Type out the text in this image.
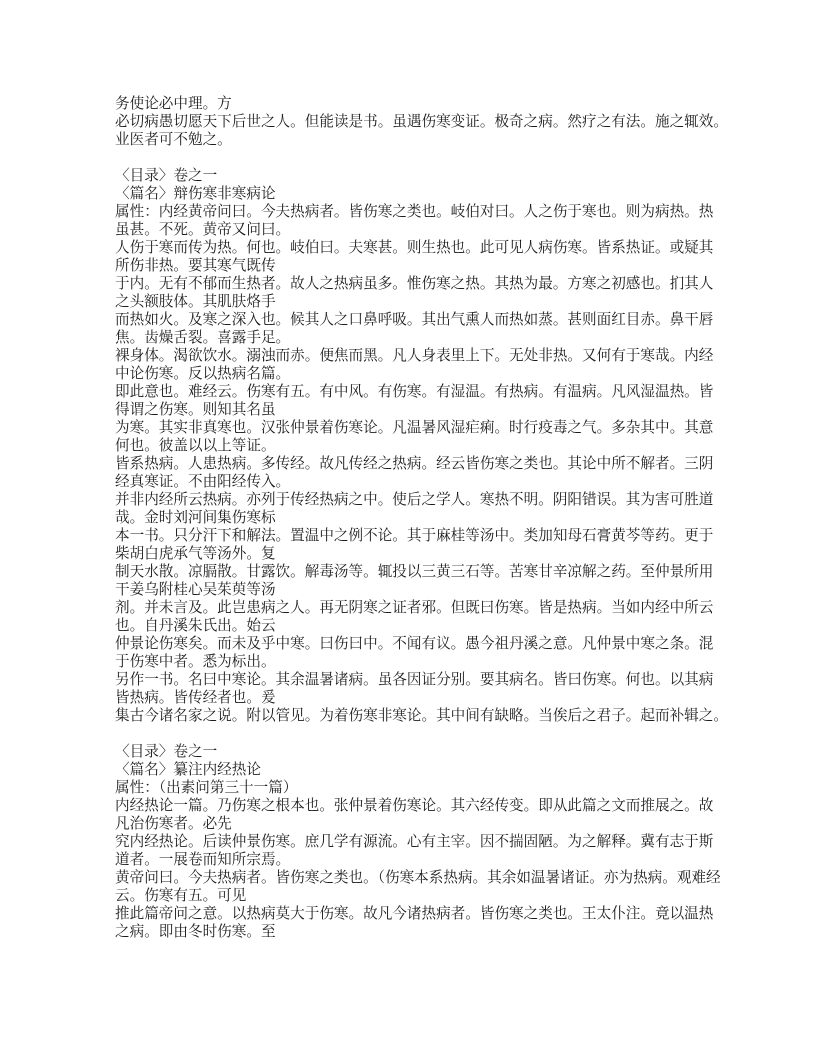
务使论必中理。方
必切病愚切愿天下后世之人。但能读是书。虽遇伤寒变证。极奇之病。然疗之有法。施之辄效。
业医者可不勉之。

〈目录〉卷之一
〈篇名〉辩伤寒非寒病论
属性：内经黄帝问曰。今夫热病者。皆伤寒之类也。岐伯对曰。人之伤于寒也。则为病热。热
虽甚。不死。黄帝又问曰。
人伤于寒而传为热。何也。岐伯曰。夫寒甚。则生热也。此可见人病伤寒。皆系热证。或疑其
所伤非热。要其寒气既传
于内。无有不郁而生热者。故人之热病虽多。惟伤寒之热。其热为最。方寒之初感也。扪其人
之头额肢体。其肌肤烙手
而热如火。及寒之深入也。候其人之口鼻呼吸。其出气熏人而热如蒸。甚则面红目赤。鼻干唇
焦。齿燥舌裂。喜露手足。
裸身体。渴欲饮水。溺浊而赤。便焦而黑。凡人身表里上下。无处非热。又何有于寒哉。内经
中论伤寒。反以热病名篇。
即此意也。难经云。伤寒有五。有中风。有伤寒。有湿温。有热病。有温病。凡风湿温热。皆
得谓之伤寒。则知其名虽
为寒。其实非真寒也。汉张仲景着伤寒论。凡温暑风湿疟痢。时行疫毒之气。多杂其中。其意
何也。彼盖以以上等证。
皆系热病。人患热病。多传经。故凡传经之热病。经云皆伤寒之类也。其论中所不解者。三阴
经真寒证。不由阳经传入。
并非内经所云热病。亦列于传经热病之中。使后之学人。寒热不明。阴阳错误。其为害可胜道
哉。金时刘河间集伤寒标
本一书。只分汗下和解法。置温中之例不论。其于麻桂等汤中。类加知母石膏黄芩等药。更于
柴胡白虎承气等汤外。复
制天水散。凉膈散。甘露饮。解毒汤等。辄投以三黄三石等。苦寒甘辛凉解之药。至仲景所用
干姜乌附桂心吴茱萸等汤
剂。并未言及。此岂患病之人。再无阴寒之证者邪。但既曰伤寒。皆是热病。当如内经中所云
也。自丹溪朱氏出。始云
仲景论伤寒矣。而未及乎中寒。曰伤曰中。不闻有议。愚今祖丹溪之意。凡仲景中寒之条。混
于伤寒中者。悉为标出。
另作一书。名曰中寒论。其余温暑诸病。虽各因证分别。要其病名。皆曰伤寒。何也。以其病
皆热病。皆传经者也。爰
集古今诸名家之说。附以管见。为着伤寒非寒论。其中间有缺略。当俟后之君子。起而补辑之。

〈目录〉卷之一
〈篇名〉纂注内经热论
属性：（出素问第三十一篇）
内经热论一篇。乃伤寒之根本也。张仲景着伤寒论。其六经传变。即从此篇之文而推展之。故
凡治伤寒者。必先
究内经热论。后读仲景伤寒。庶几学有源流。心有主宰。因不揣固陋。为之解释。冀有志于斯
道者。一展卷而知所宗焉。
黄帝问曰。今夫热病者。皆伤寒之类也。（伤寒本系热病。其余如温暑诸证。亦为热病。观难经
云。伤寒有五。可见
推此篇帝问之意。以热病莫大于伤寒。故凡今诸热病者。皆伤寒之类也。王太仆注。竟以温热
之病。即由冬时伤寒。至
